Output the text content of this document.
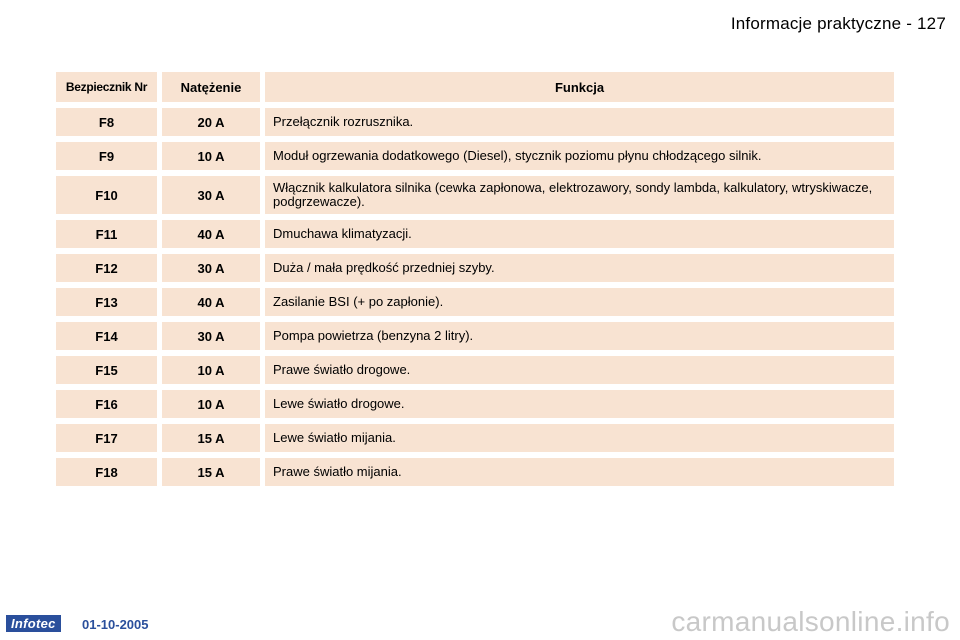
Informacje praktyczne - 127
Bezpiecznik Nr	Natężenie	Funkcja
F8	20 A	Przełącznik rozrusznika.
F9	10 A	Moduł ogrzewania dodatkowego (Diesel), stycznik poziomu płynu chłodzącego silnik.
F10	30 A	Włącznik kalkulatora silnika (cewka zapłonowa, elektrozawory, sondy lambda, kalkulatory, wtryskiwacze, podgrzewacze).
F11	40 A	Dmuchawa klimatyzacji.
F12	30 A	Duża / mała prędkość przedniej szyby.
F13	40 A	Zasilanie BSI (+ po zapłonie).
F14	30 A	Pompa powietrza (benzyna 2 litry).
F15	10 A	Prawe światło drogowe.
F16	10 A	Lewe światło drogowe.
F17	15 A	Lewe światło mijania.
F18	15 A	Prawe światło mijania.
Infotec	01-10-2005	carmanualsonline.info
